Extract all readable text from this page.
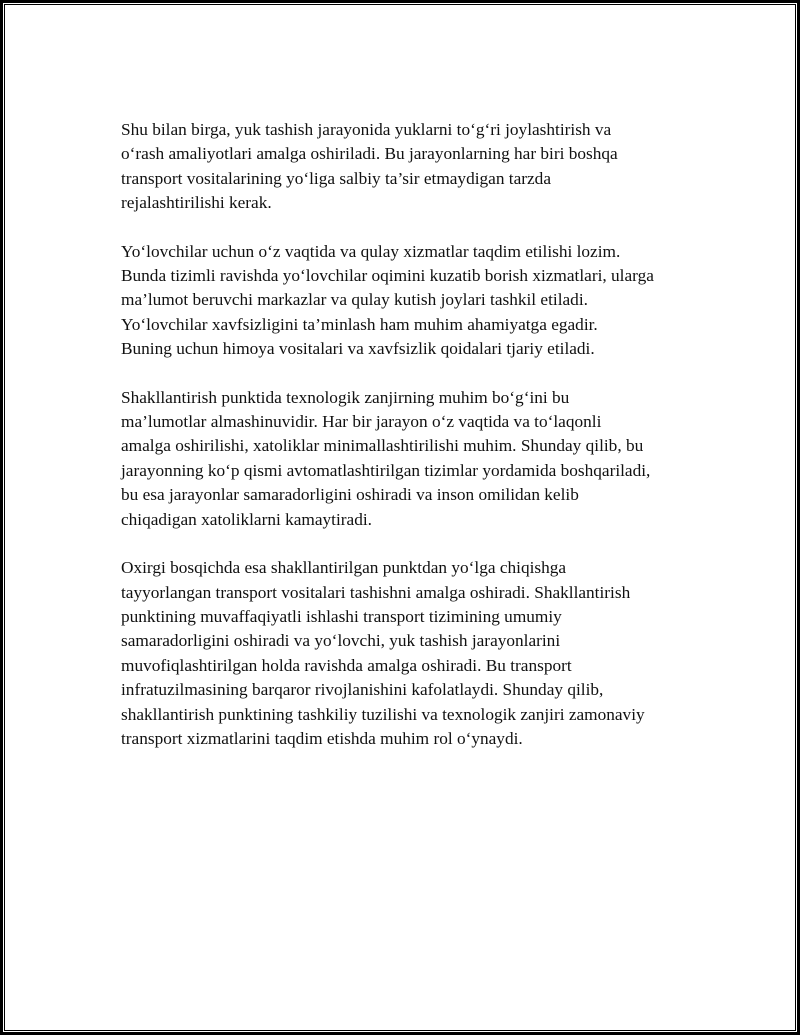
Shu bilan birga, yuk tashish jarayonida yuklarni to‘g‘ri joylashtirish va
o‘rash amaliyotlari amalga oshiriladi. Bu jarayonlarning har biri boshqa
transport vositalarining yo‘liga salbiy ta’sir etmaydigan tarzda
rejalashtirilishi kerak.

Yo‘lovchilar uchun o‘z vaqtida va qulay xizmatlar taqdim etilishi lozim.
Bunda tizimli ravishda yo‘lovchilar oqimini kuzatib borish xizmatlari, ularga
ma’lumot beruvchi markazlar va qulay kutish joylari tashkil etiladi.
Yo‘lovchilar xavfsizligini ta’minlash ham muhim ahamiyatga egadir.
Buning uchun himoya vositalari va xavfsizlik qoidalari tjariy etiladi.

Shakllantirish punktida texnologik zanjirning muhim bo‘g‘ini bu
ma’lumotlar almashinuvidir. Har bir jarayon o‘z vaqtida va to‘laqonli
amalga oshirilishi, xatoliklar minimallashtirilishi muhim. Shunday qilib, bu
jarayonning ko‘p qismi avtomatlashtirilgan tizimlar yordamida boshqariladi,
bu esa jarayonlar samaradorligini oshiradi va inson omilidan kelib
chiqadigan xatoliklarni kamaytiradi.

Oxirgi bosqichda esa shakllantirilgan punktdan yo‘lga chiqishga
tayyorlangan transport vositalari tashishni amalga oshiradi. Shakllantirish
punktining muvaffaqiyatli ishlashi transport tizimining umumiy
samaradorligini oshiradi va yo‘lovchi, yuk tashish jarayonlarini
muvofiqlashtirilgan holda ravishda amalga oshiradi. Bu transport
infratuzilmasining barqaror rivojlanishini kafolatlaydi. Shunday qilib,
shakllantirish punktining tashkiliy tuzilishi va texnologik zanjiri zamonaviy
transport xizmatlarini taqdim etishda muhim rol o‘ynaydi.
